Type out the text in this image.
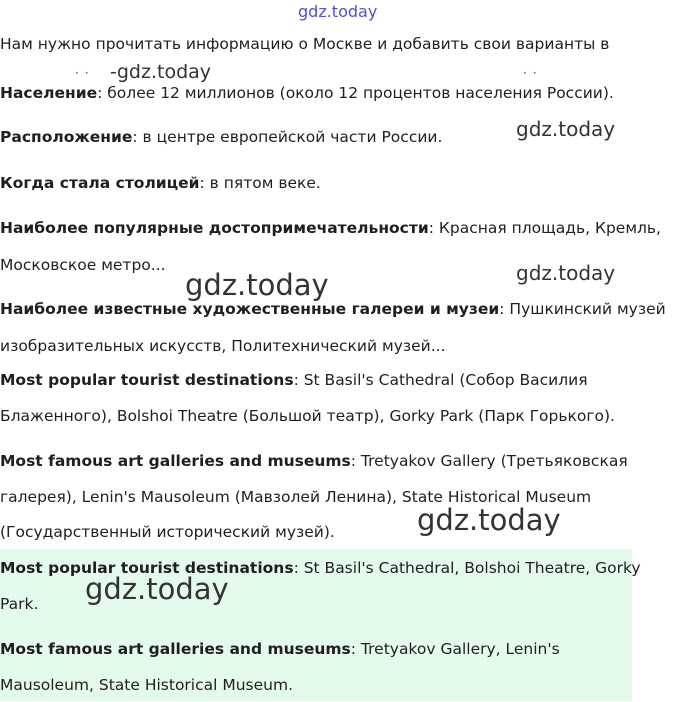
gdz.today
Нам нужно прочитать информацию о Москве и добавить свои варианты в
·· -gdz.today	··
Население: более 12 миллионов (около 12 процентов населения России).
gdz.today
Расположение: в центре европейской части России.
Когда стала столицей: в пятом веке.
Наиболее популярные достопримечательности: Красная площадь, Кремль,
Московское метро...	gdz.today
gdz.today
Наиболее известные художественные галереи и музеи: Пушкинский музей
изобразительных искусств, Политехнический музей...
Most popular tourist destinations: St Basil's Cathedral (Собор Василия
Блаженного), Bolshoi Theatre (Большой театр), Gorky Park (Парк Горького).
Most famous art galleries and museums: Tretyakov Gallery (Третьяковская
галерея), Lenin's Mausoleum (Мавзолей Ленина), State Historical Museum
(Государственный исторический музей).	gdz.today
Most popular tourist destinations: St Basil's Cathedral, Bolshoi Theatre, Gorky
Park. gdz.today
Most famous art galleries and museums: Tretyakov Gallery, Lenin's
Mausoleum, State Historical Museum.
